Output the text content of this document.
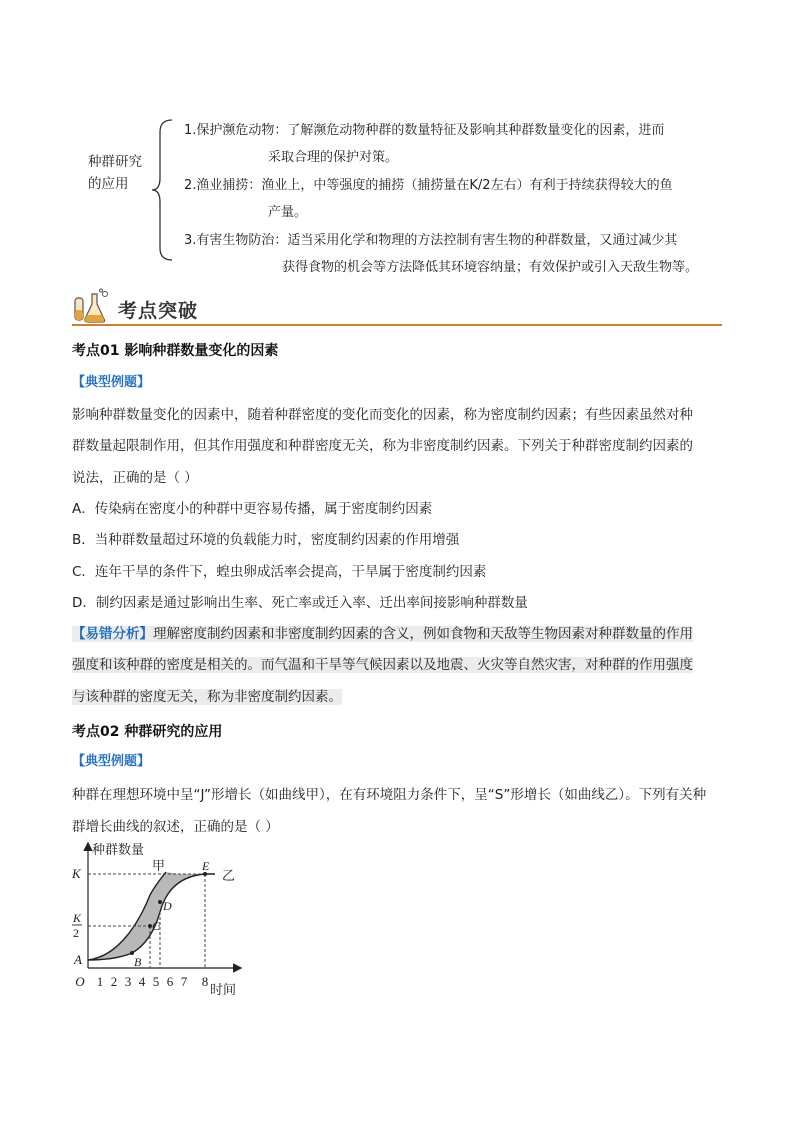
种群研究的应用
1.保护濒危动物：了解濒危动物种群的数量特征及影响其种群数量变化的因素，进而
采取合理的保护对策。
2.渔业捕捞：渔业上，中等强度的捕捞（捕捞量在K/2左右）有利于持续获得较大的鱼
产量。
3.有害生物防治：适当采用化学和物理的方法控制有害生物的种群数量，又通过减少其
获得食物的机会等方法降低其环境容纳量；有效保护或引入天敌生物等。
考点突破
考点01 影响种群数量变化的因素
【典型例题】
影响种群数量变化的因素中，随着种群密度的变化而变化的因素，称为密度制约因素；有些因素虽然对种
群数量起限制作用，但其作用强度和种群密度无关，称为非密度制约因素。下列关于种群密度制约因素的
说法，正确的是（ ）
A．传染病在密度小的种群中更容易传播，属于密度制约因素
B．当种群数量超过环境的负载能力时，密度制约因素的作用增强
C．连年干旱的条件下，蝗虫卵成活率会提高，干旱属于密度制约因素
D．制约因素是通过影响出生率、死亡率或迁入率、迁出率间接影响种群数量
【易错分析】理解密度制约因素和非密度制约因素的含义，例如食物和天敌等生物因素对种群数量的作用
强度和该种群的密度是相关的。而气温和干旱等气候因素以及地震、火灾等自然灾害，对种群的作用强度
与该种群的密度无关，称为非密度制约因素。
考点02 种群研究的应用
【典型例题】
种群在理想环境中呈“J”形增长（如曲线甲），在有环境阻力条件下，呈“S”形增长（如曲线乙）。下列有关种
群增长曲线的叙述，正确的是（ ）
种群数量
时间
O 1 2 3 4 5 6 7 8
K
K
2
A	B
C
D
E
甲
乙
